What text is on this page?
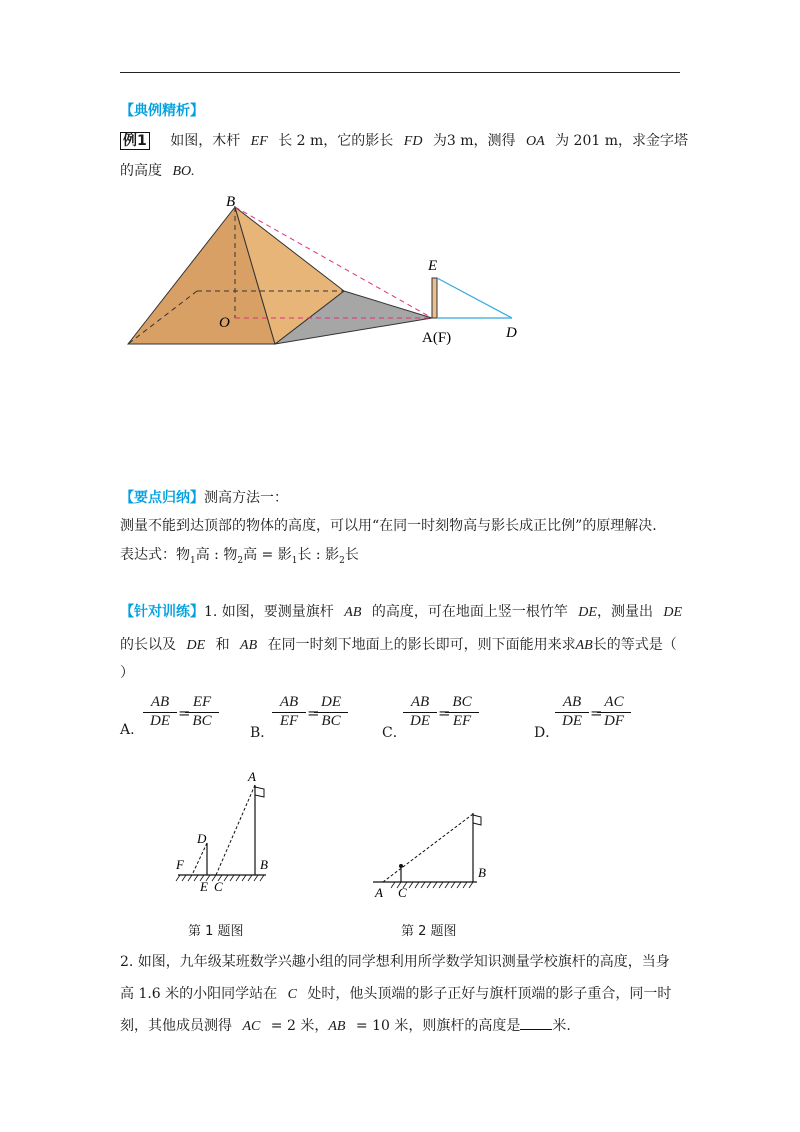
【典例精析】
例1 如图，木杆 EF 长 2 m，它的影长 FD 为3 m，测得 OA 为 201 m，求金字塔
的高度 BO.
B
O
E
A(F)	D
【要点归纳】测高方法一：
测量不能到达顶部的物体的高度，可以用“在同一时刻物高与影长成正比例”的原理解决.
表达式：物$_1$高 : 物$_2$高 = 影$_1$长 : 影$_2$长
【针对训练】1. 如图，要测量旗杆 AB 的高度，可在地面上竖一根竹竿 DE，测量出 DE
的长以及 DE 和 AB 在同一时刻下地面上的影长即可，则下面能用来求AB长的等式是（
）
A. $\frac{AB}{DE}$ =
$\frac{EF}{BC}$
B．
$\frac{AB}{EF}$ =
$\frac{DE}{BC}$
C．
$\frac{AB}{DE}$ =
$\frac{BC}{EF}$
D．
$\frac{AB}{DE}$ =
$\frac{AC}{DF}$
A
D
F	B
E C
第 1 题图
A C
B
第 2 题图
2. 如图，九年级某班数学兴趣小组的同学想利用所学数学知识测量学校旗杆的高度，当身
高 1.6 米的小阳同学站在 C 处时，他头顶端的影子正好与旗杆顶端的影子重合，同一时
刻，其他成员测得 AC = 2 米，AB = 10 米，则旗杆的高度是 米.
